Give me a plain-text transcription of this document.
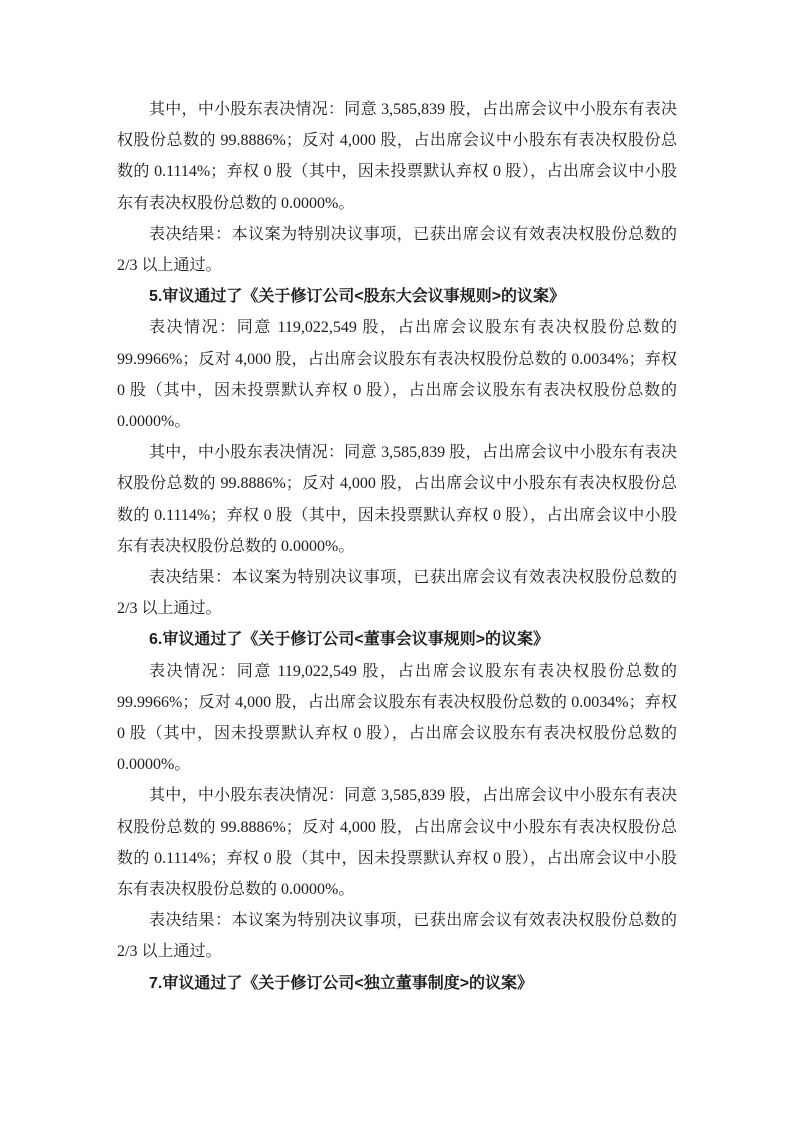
其中，中小股东表决情况：同意 3,585,839 股，占出席会议中小股东有表决权股份总数的 99.8886%；反对 4,000 股，占出席会议中小股东有表决权股份总数的 0.1114%；弃权 0 股（其中，因未投票默认弃权 0 股），占出席会议中小股东有表决权股份总数的 0.0000%。

表决结果：本议案为特别决议事项，已获出席会议有效表决权股份总数的 2/3 以上通过。

5.审议通过了《关于修订公司<股东大会议事规则>的议案》

表决情况：同意 119,022,549 股，占出席会议股东有表决权股份总数的 99.9966%；反对 4,000 股，占出席会议股东有表决权股份总数的 0.0034%；弃权 0 股（其中，因未投票默认弃权 0 股），占出席会议股东有表决权股份总数的 0.0000%。

其中，中小股东表决情况：同意 3,585,839 股，占出席会议中小股东有表决权股份总数的 99.8886%；反对 4,000 股，占出席会议中小股东有表决权股份总数的 0.1114%；弃权 0 股（其中，因未投票默认弃权 0 股），占出席会议中小股东有表决权股份总数的 0.0000%。

表决结果：本议案为特别决议事项，已获出席会议有效表决权股份总数的 2/3 以上通过。

6.审议通过了《关于修订公司<董事会议事规则>的议案》

表决情况：同意 119,022,549 股，占出席会议股东有表决权股份总数的 99.9966%；反对 4,000 股，占出席会议股东有表决权股份总数的 0.0034%；弃权 0 股（其中，因未投票默认弃权 0 股），占出席会议股东有表决权股份总数的 0.0000%。

其中，中小股东表决情况：同意 3,585,839 股，占出席会议中小股东有表决权股份总数的 99.8886%；反对 4,000 股，占出席会议中小股东有表决权股份总数的 0.1114%；弃权 0 股（其中，因未投票默认弃权 0 股），占出席会议中小股东有表决权股份总数的 0.0000%。

表决结果：本议案为特别决议事项，已获出席会议有效表决权股份总数的 2/3 以上通过。

7.审议通过了《关于修订公司<独立董事制度>的议案》
